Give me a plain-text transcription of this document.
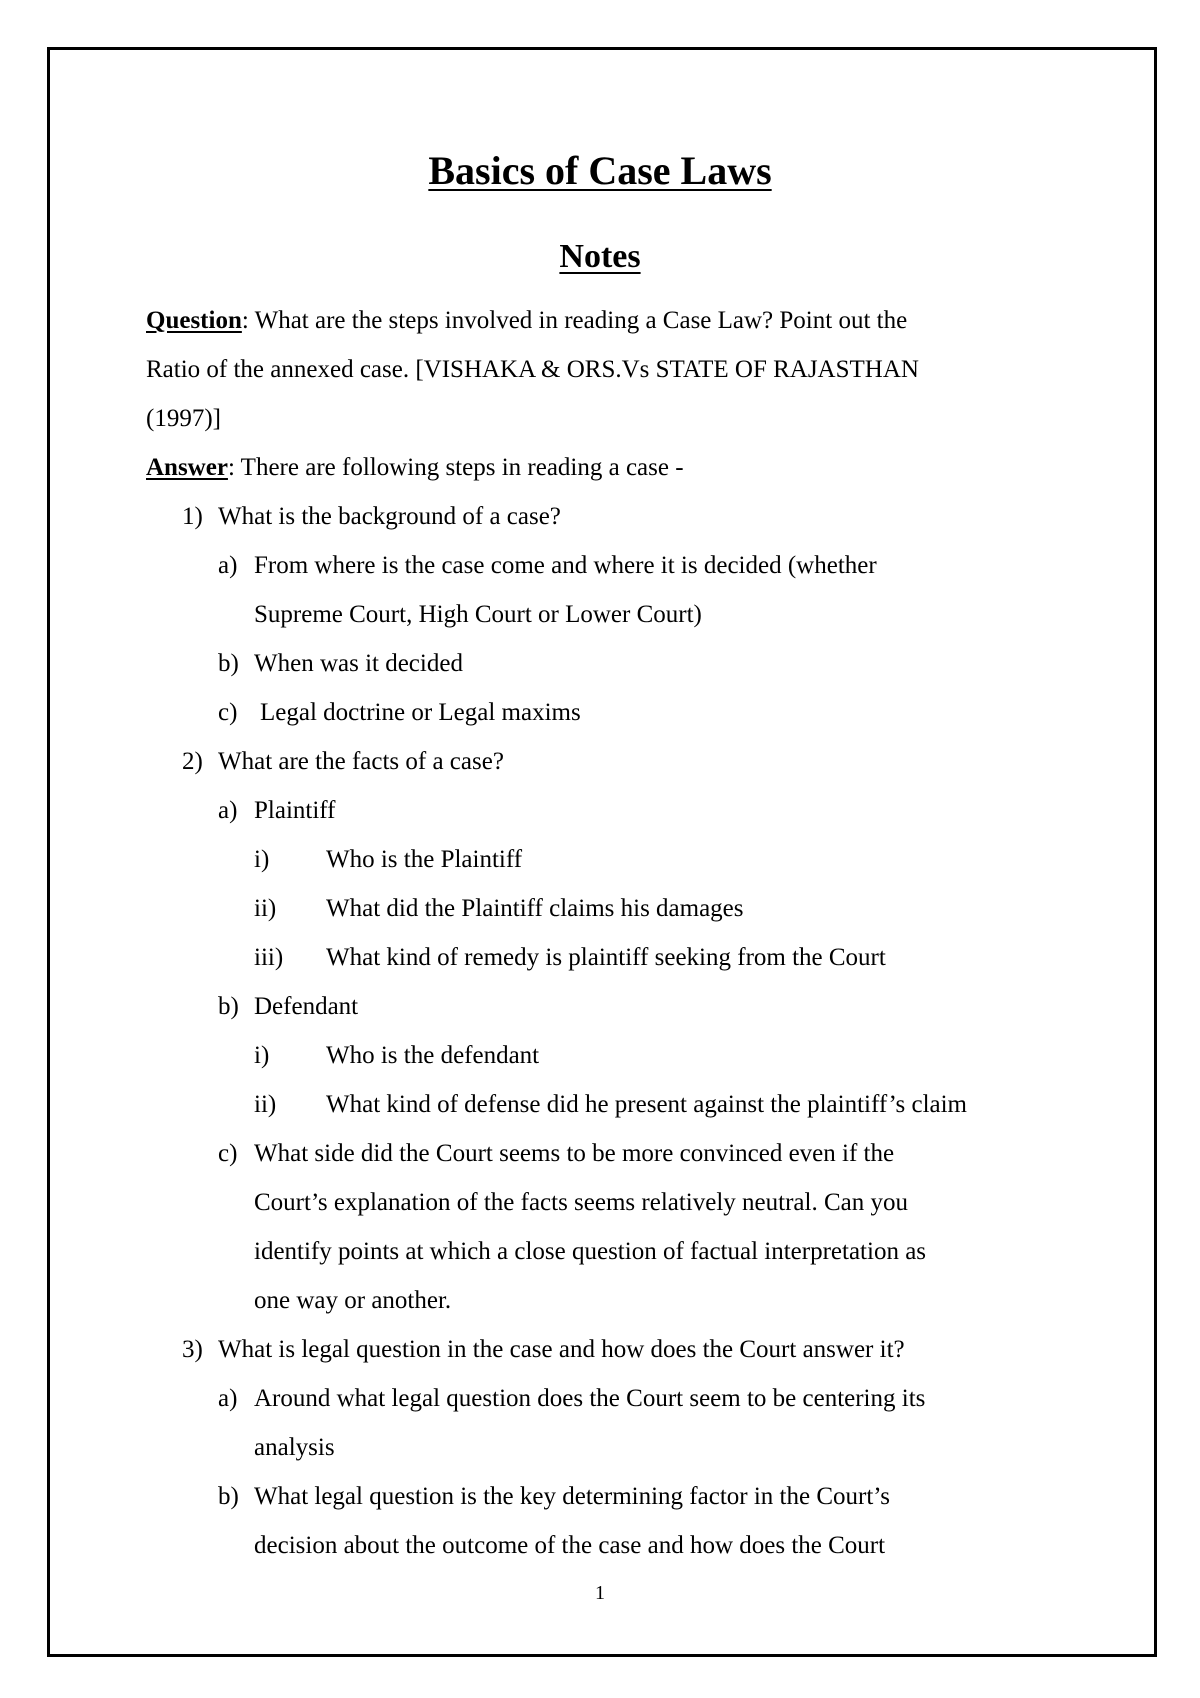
Basics of Case Laws
Notes
Question: What are the steps involved in reading a Case Law? Point out the
Ratio of the annexed case. [VISHAKA & ORS.Vs STATE OF RAJASTHAN
(1997)]
Answer: There are following steps in reading a case -
1) What is the background of a case?
a) From where is the case come and where it is decided (whether
Supreme Court, High Court or Lower Court)
b) When was it decided
c) Legal doctrine or Legal maxims
2) What are the facts of a case?
a) Plaintiff
i) Who is the Plaintiff
ii) What did the Plaintiff claims his damages
iii) What kind of remedy is plaintiff seeking from the Court
b) Defendant
i) Who is the defendant
ii) What kind of defense did he present against the plaintiff’s claim
c) What side did the Court seems to be more convinced even if the
Court’s explanation of the facts seems relatively neutral. Can you
identify points at which a close question of factual interpretation as
one way or another.
3) What is legal question in the case and how does the Court answer it?
a) Around what legal question does the Court seem to be centering its
analysis
b) What legal question is the key determining factor in the Court’s
decision about the outcome of the case and how does the Court
1
